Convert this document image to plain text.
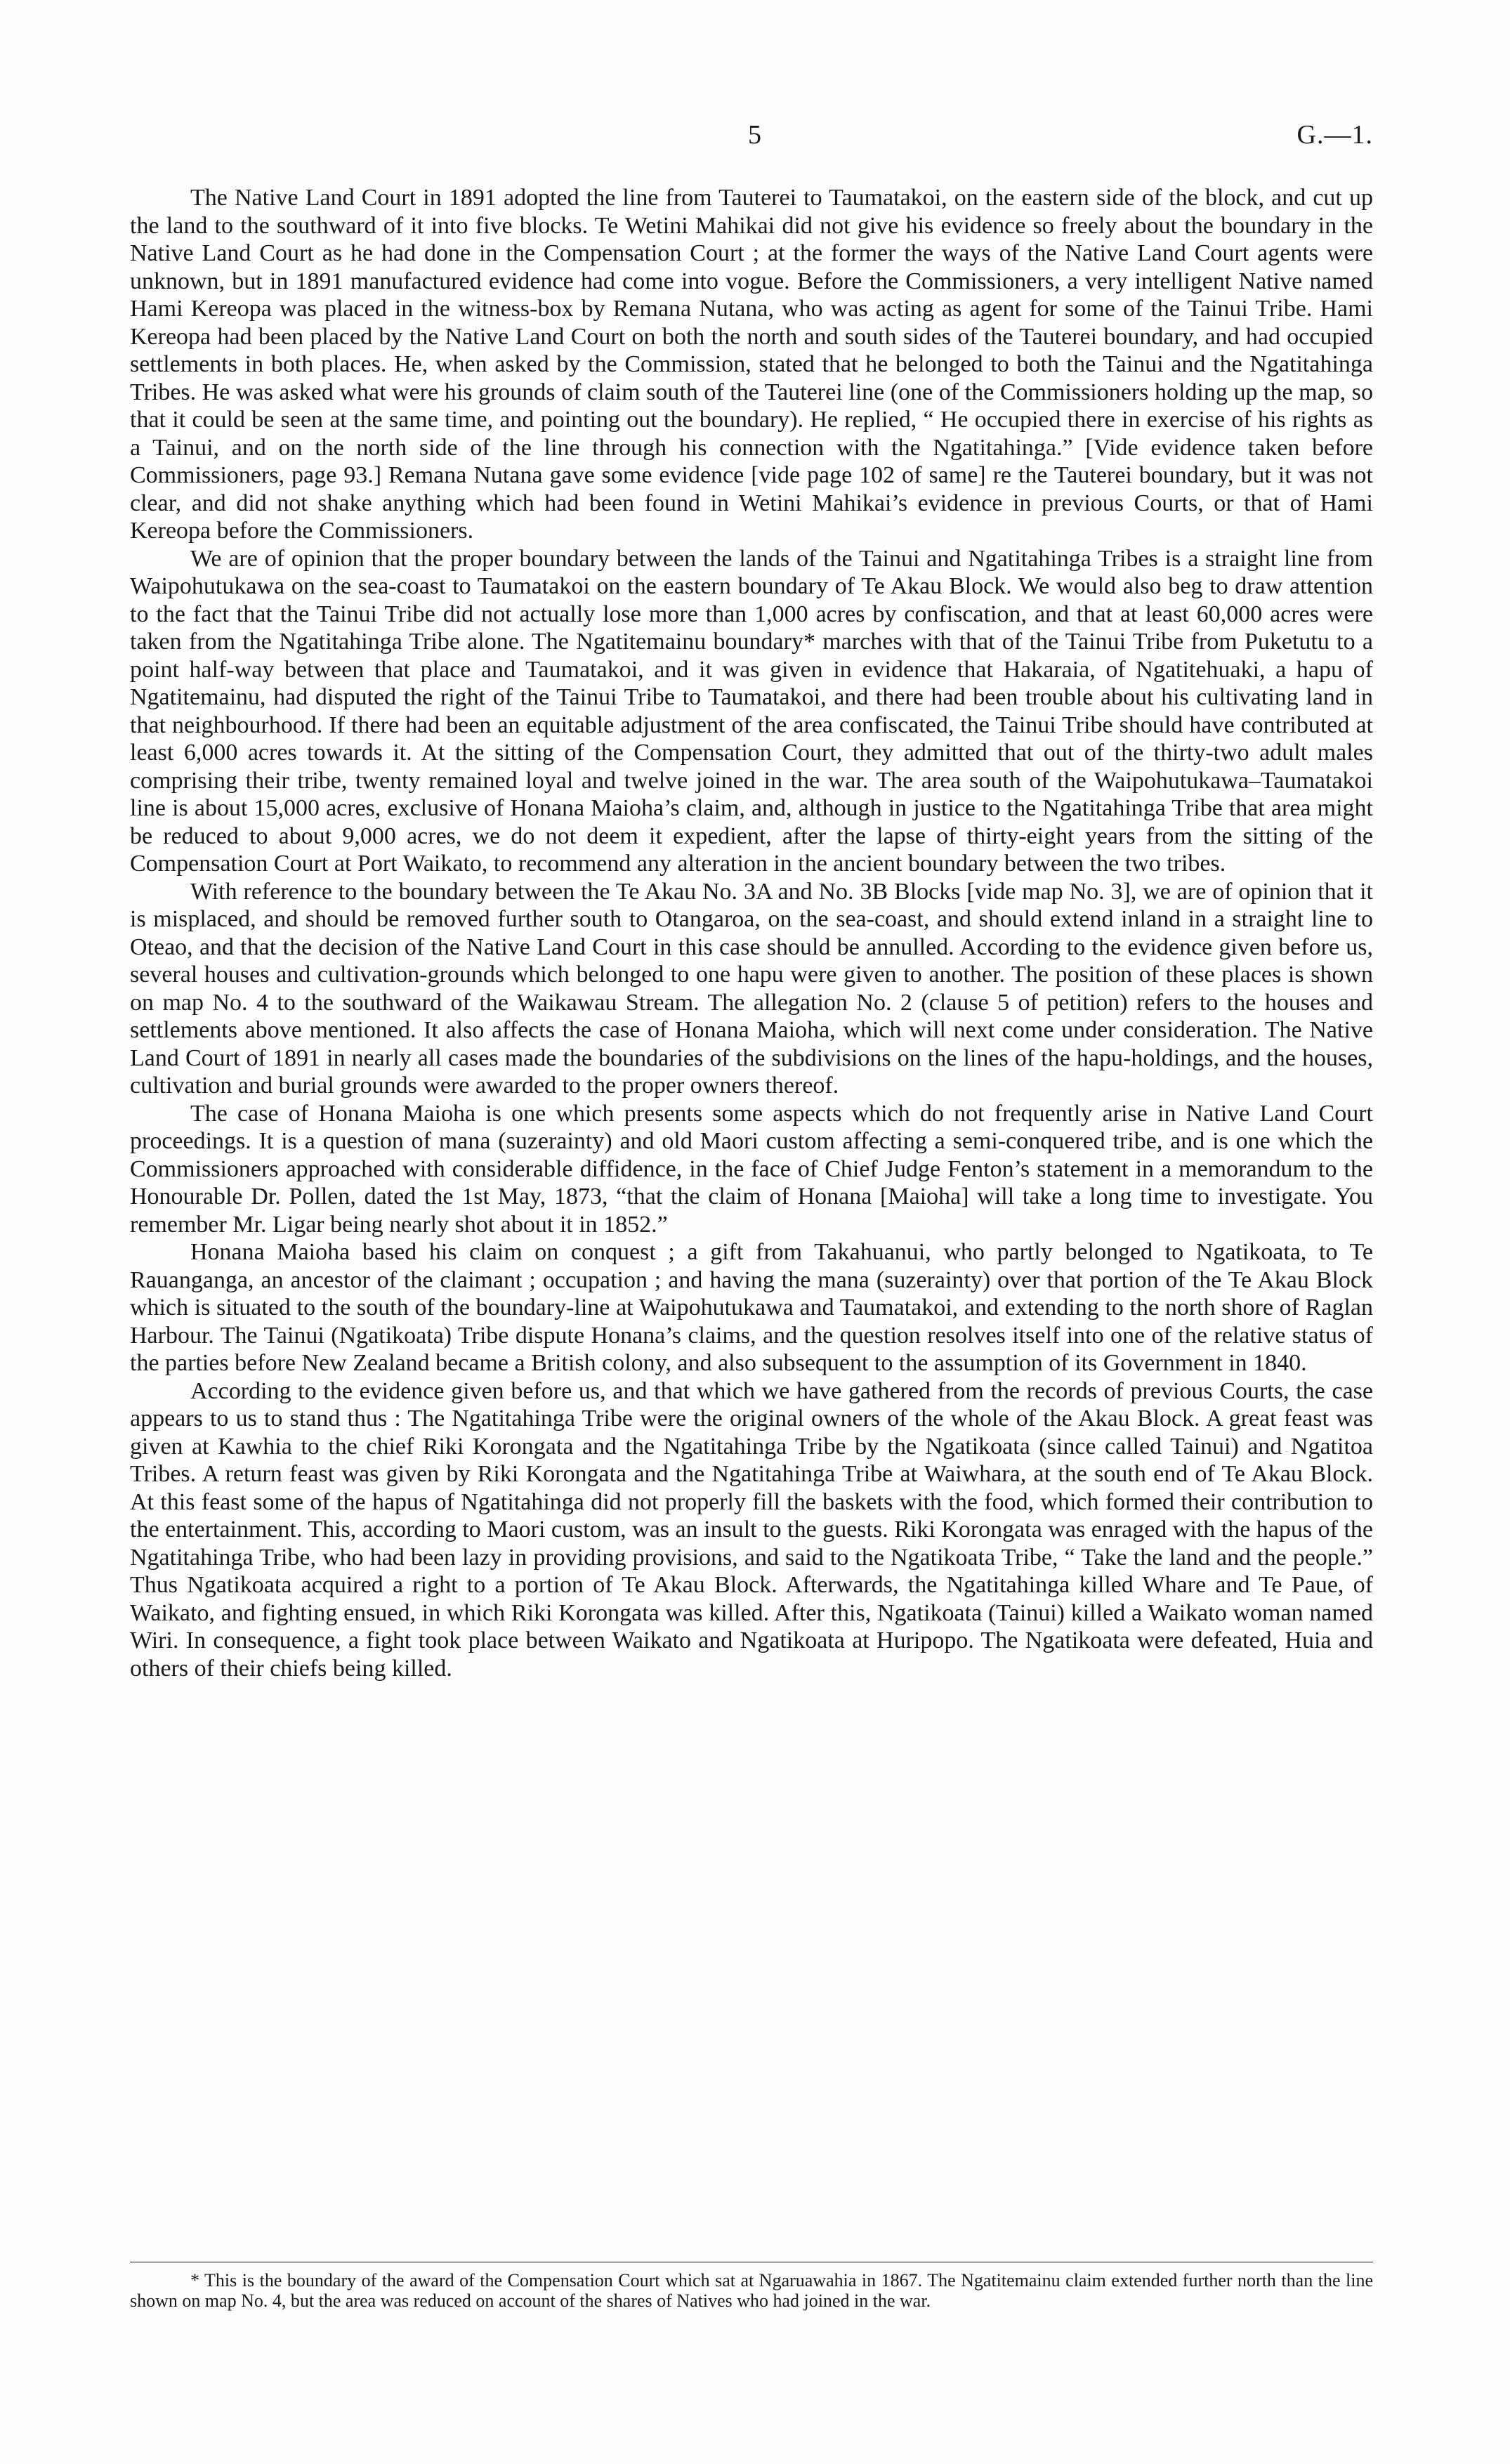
5	G.—1.

The Native Land Court in 1891 adopted the line from Tauterei to Taumatakoi, on the eastern side of the block, and cut up the land to the southward of it into five blocks. Te Wetini Mahikai did not give his evidence so freely about the boundary in the Native Land Court as he had done in the Compensation Court ; at the former the ways of the Native Land Court agents were unknown, but in 1891 manufactured evidence had come into vogue. Before the Commissioners, a very intelligent Native named Hami Kereopa was placed in the witness-box by Remana Nutana, who was acting as agent for some of the Tainui Tribe. Hami Kereopa had been placed by the Native Land Court on both the north and south sides of the Tauterei boundary, and had occupied settlements in both places. He, when asked by the Commission, stated that he belonged to both the Tainui and the Ngatitahinga Tribes. He was asked what were his grounds of claim south of the Tauterei line (one of the Commissioners holding up the map, so that it could be seen at the same time, and pointing out the boundary). He replied, “ He occupied there in exercise of his rights as a Tainui, and on the north side of the line through his connection with the Ngatitahinga.” [Vide evidence taken before Commissioners, page 93.] Remana Nutana gave some evidence [vide page 102 of same] re the Tauterei boundary, but it was not clear, and did not shake anything which had been found in Wetini Mahikai’s evidence in previous Courts, or that of Hami Kereopa before the Commissioners.

We are of opinion that the proper boundary between the lands of the Tainui and Ngatitahinga Tribes is a straight line from Waipohutukawa on the sea-coast to Taumatakoi on the eastern boundary of Te Akau Block. We would also beg to draw attention to the fact that the Tainui Tribe did not actually lose more than 1,000 acres by confiscation, and that at least 60,000 acres were taken from the Ngatitahinga Tribe alone. The Ngatitemainu boundary* marches with that of the Tainui Tribe from Puketutu to a point half-way between that place and Taumatakoi, and it was given in evidence that Hakaraia, of Ngatitehuaki, a hapu of Ngatitemainu, had disputed the right of the Tainui Tribe to Taumatakoi, and there had been trouble about his cultivating land in that neighbourhood. If there had been an equitable adjustment of the area confiscated, the Tainui Tribe should have contributed at least 6,000 acres towards it. At the sitting of the Compensation Court, they admitted that out of the thirty-two adult males comprising their tribe, twenty remained loyal and twelve joined in the war. The area south of the Waipohutukawa–Taumatakoi line is about 15,000 acres, exclusive of Honana Maioha’s claim, and, although in justice to the Ngatitahinga Tribe that area might be reduced to about 9,000 acres, we do not deem it expedient, after the lapse of thirty-eight years from the sitting of the Compensation Court at Port Waikato, to recommend any alteration in the ancient boundary between the two tribes.

With reference to the boundary between the Te Akau No. 3A and No. 3B Blocks [vide map No. 3], we are of opinion that it is misplaced, and should be removed further south to Otangaroa, on the sea-coast, and should extend inland in a straight line to Oteao, and that the decision of the Native Land Court in this case should be annulled. According to the evidence given before us, several houses and cultivation-grounds which belonged to one hapu were given to another. The position of these places is shown on map No. 4 to the southward of the Waikawau Stream. The allegation No. 2 (clause 5 of petition) refers to the houses and settlements above mentioned. It also affects the case of Honana Maioha, which will next come under consideration. The Native Land Court of 1891 in nearly all cases made the boundaries of the subdivisions on the lines of the hapu-holdings, and the houses, cultivation and burial grounds were awarded to the proper owners thereof.

The case of Honana Maioha is one which presents some aspects which do not frequently arise in Native Land Court proceedings. It is a question of mana (suzerainty) and old Maori custom affecting a semi-conquered tribe, and is one which the Commissioners approached with considerable diffidence, in the face of Chief Judge Fenton’s statement in a memorandum to the Honourable Dr. Pollen, dated the 1st May, 1873, “that the claim of Honana [Maioha] will take a long time to investigate. You remember Mr. Ligar being nearly shot about it in 1852.”

Honana Maioha based his claim on conquest ; a gift from Takahuanui, who partly belonged to Ngatikoata, to Te Rauanganga, an ancestor of the claimant ; occupation ; and having the mana (suzerainty) over that portion of the Te Akau Block which is situated to the south of the boundary-line at Waipohutukawa and Taumatakoi, and extending to the north shore of Raglan Harbour. The Tainui (Ngatikoata) Tribe dispute Honana’s claims, and the question resolves itself into one of the relative status of the parties before New Zealand became a British colony, and also subsequent to the assumption of its Government in 1840.

According to the evidence given before us, and that which we have gathered from the records of previous Courts, the case appears to us to stand thus : The Ngatitahinga Tribe were the original owners of the whole of the Akau Block. A great feast was given at Kawhia to the chief Riki Korongata and the Ngatitahinga Tribe by the Ngatikoata (since called Tainui) and Ngatitoa Tribes. A return feast was given by Riki Korongata and the Ngatitahinga Tribe at Waiwhara, at the south end of Te Akau Block. At this feast some of the hapus of Ngatitahinga did not properly fill the baskets with the food, which formed their contribution to the entertainment. This, according to Maori custom, was an insult to the guests. Riki Korongata was enraged with the hapus of the Ngatitahinga Tribe, who had been lazy in providing provisions, and said to the Ngatikoata Tribe, “ Take the land and the people.” Thus Ngatikoata acquired a right to a portion of Te Akau Block. Afterwards, the Ngatitahinga killed Whare and Te Paue, of Waikato, and fighting ensued, in which Riki Korongata was killed. After this, Ngatikoata (Tainui) killed a Waikato woman named Wiri. In consequence, a fight took place between Waikato and Ngatikoata at Huripopo. The Ngatikoata were defeated, Huia and others of their chiefs being killed.

* This is the boundary of the award of the Compensation Court which sat at Ngaruawahia in 1867. The Ngatitemainu claim extended further north than the line shown on map No. 4, but the area was reduced on account of the shares of Natives who had joined in the war.
